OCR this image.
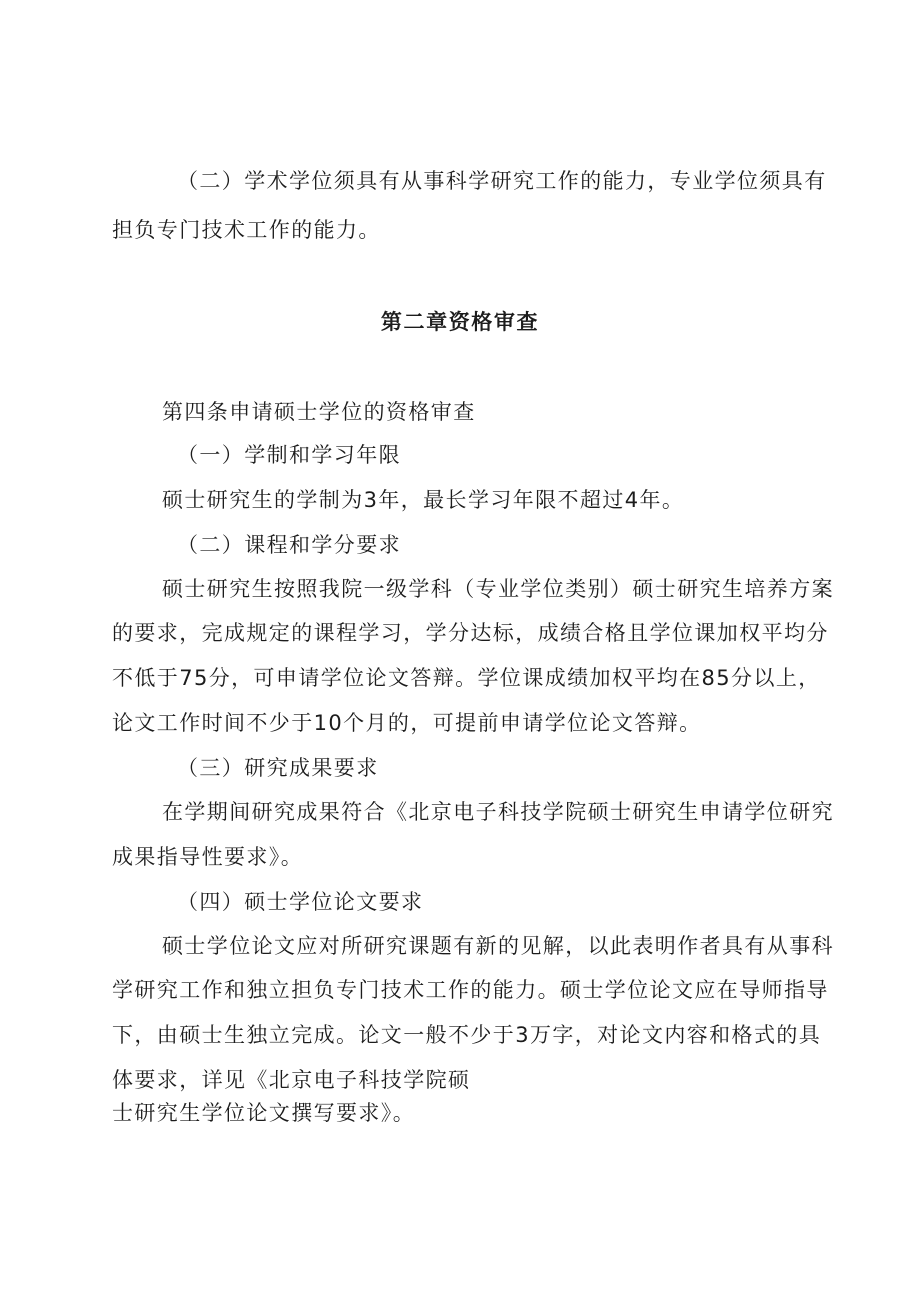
（二）学术学位须具有从事科学研究工作的能力，专业学位须具有

担负专门技术工作的能力。

第二章资格审查

第四条申请硕士学位的资格审查

（一）学制和学习年限

硕士研究生的学制为3年，最长学习年限不超过4年。

（二）课程和学分要求

硕士研究生按照我院一级学科（专业学位类别）硕士研究生培养方案

的要求，完成规定的课程学习，学分达标，成绩合格且学位课加权平均分

不低于75分，可申请学位论文答辩。学位课成绩加权平均在85分以上，

论文工作时间不少于10个月的，可提前申请学位论文答辩。

（三）研究成果要求

在学期间研究成果符合《北京电子科技学院硕士研究生申请学位研究

成果指导性要求》。

（四）硕士学位论文要求

硕士学位论文应对所研究课题有新的见解，以此表明作者具有从事科

学研究工作和独立担负专门技术工作的能力。硕士学位论文应在导师指导

下，由硕士生独立完成。论文一般不少于3万字，对论文内容和格式的具

体要求，详见《北京电子科技学院硕

士研究生学位论文撰写要求》。
